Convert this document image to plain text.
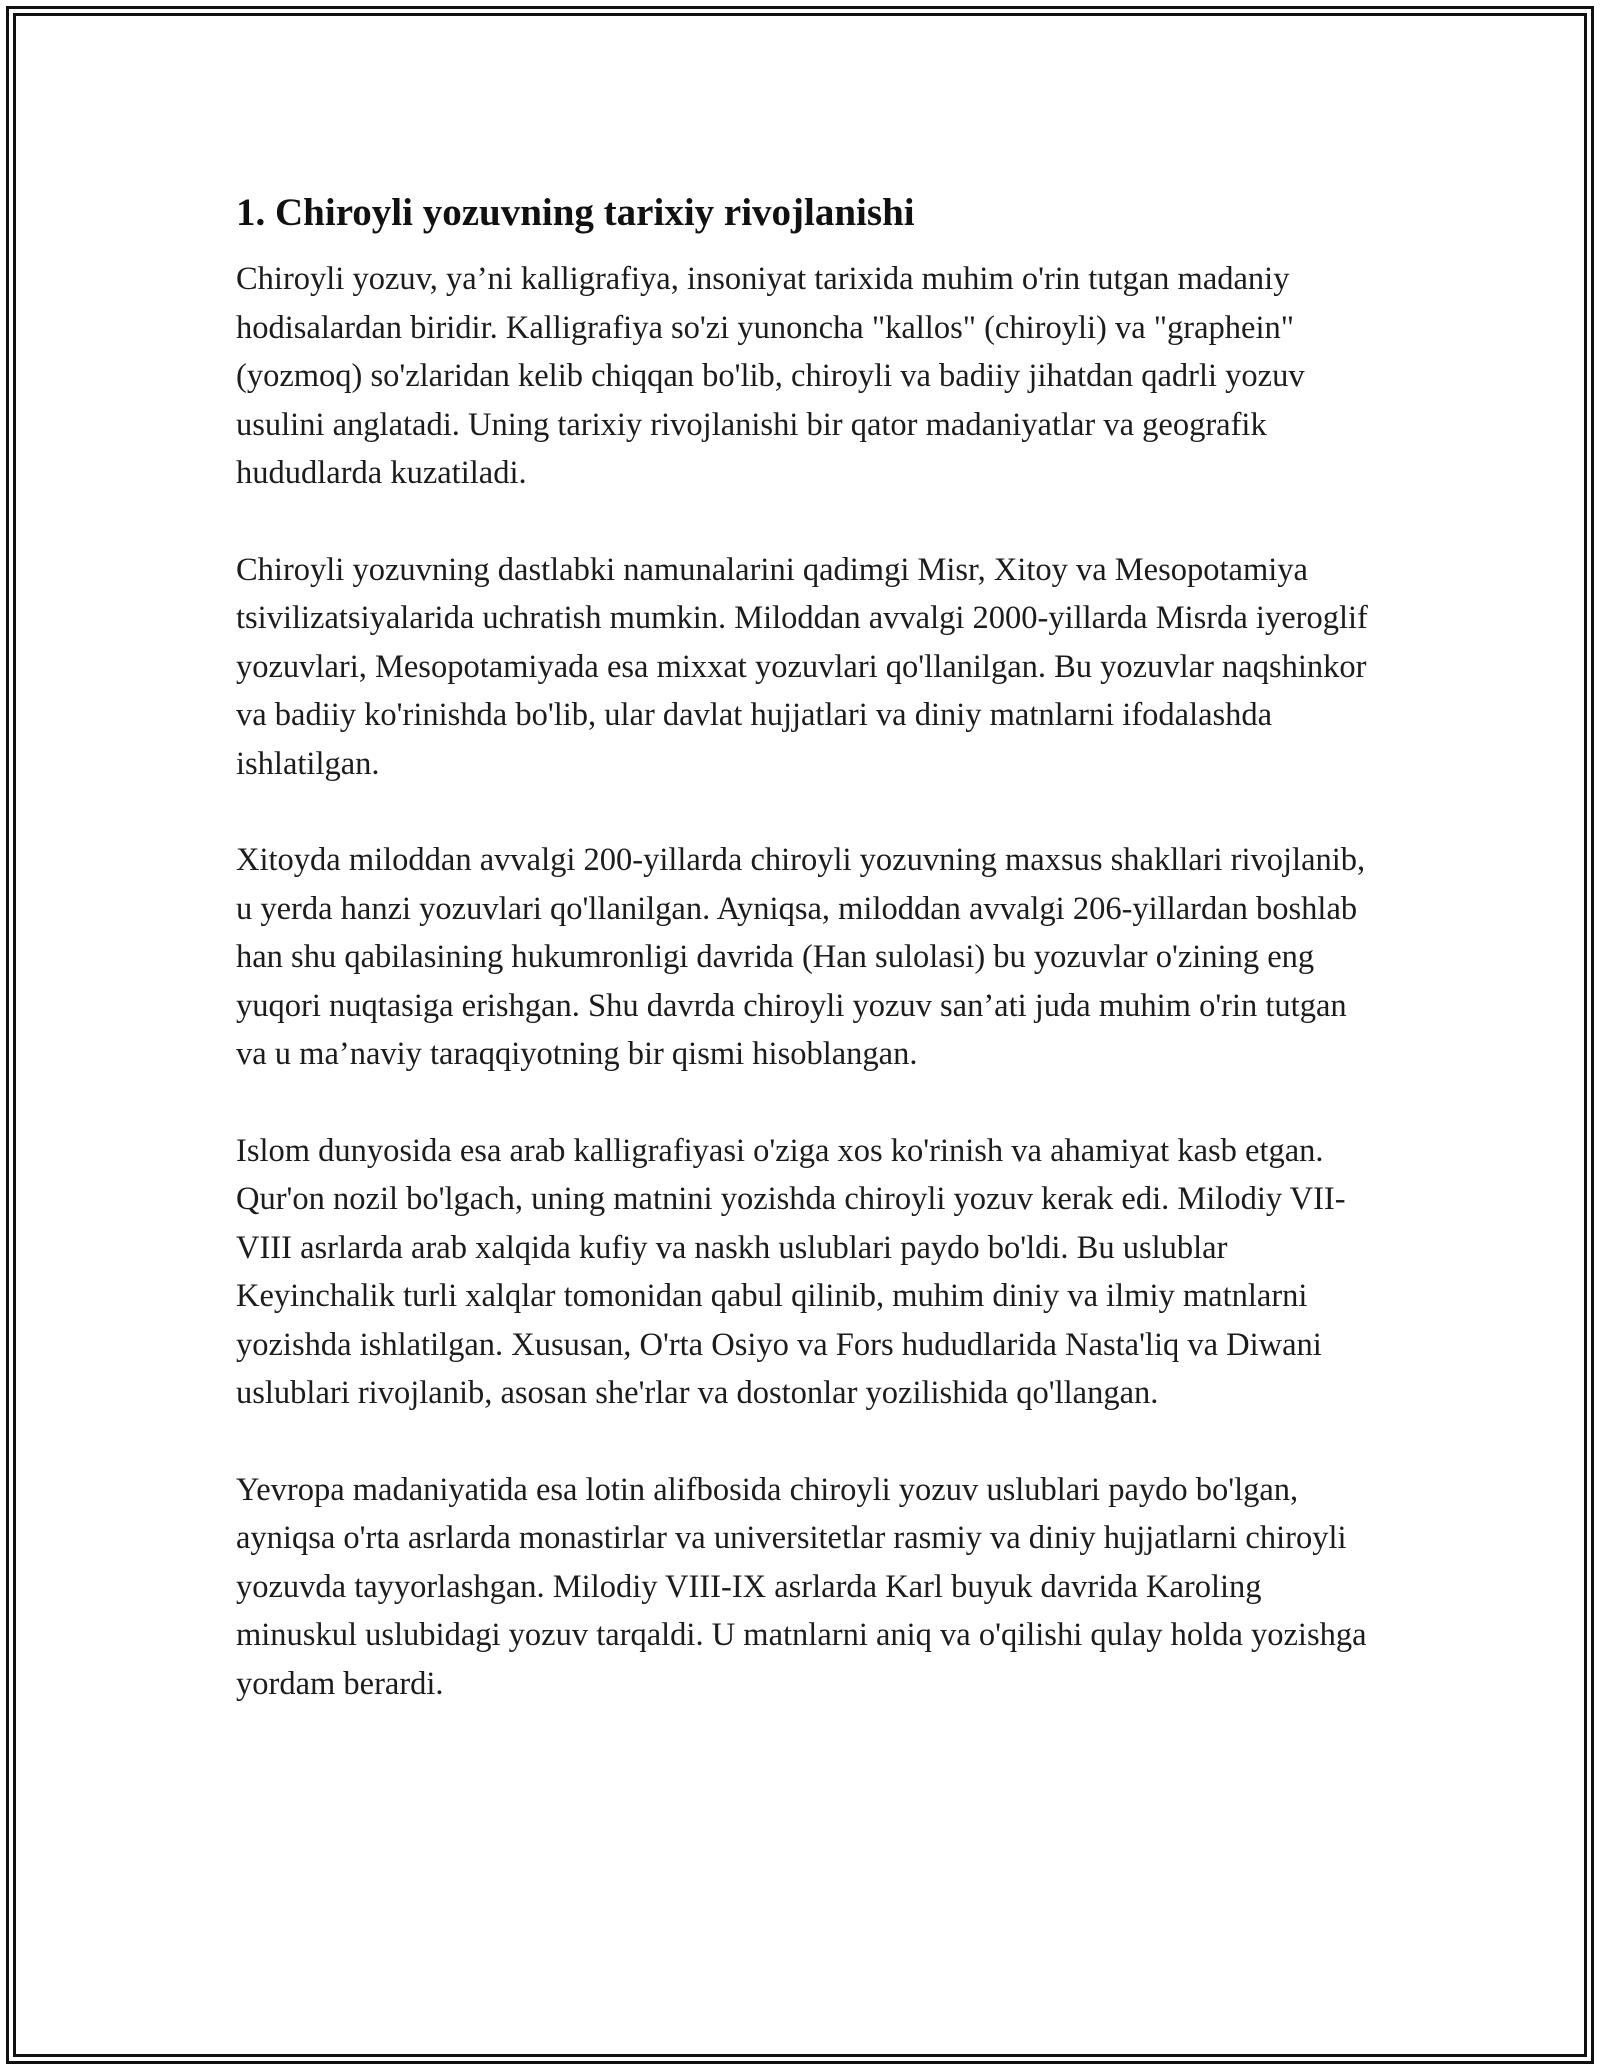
1. Chiroyli yozuvning tarixiy rivojlanishi

Chiroyli yozuv, ya’ni kalligrafiya, insoniyat tarixida muhim o'rin tutgan madaniy hodisalardan biridir. Kalligrafiya so'zi yunoncha "kallos" (chiroyli) va "graphein" (yozmoq) so'zlaridan kelib chiqqan bo'lib, chiroyli va badiiy jihatdan qadrli yozuv usulini anglatadi. Uning tarixiy rivojlanishi bir qator madaniyatlar va geografik hududlarda kuzatiladi.

Chiroyli yozuvning dastlabki namunalarini qadimgi Misr, Xitoy va Mesopotamiya tsivilizatsiyalarida uchratish mumkin. Miloddan avvalgi 2000-yillarda Misrda iyeroglif yozuvlari, Mesopotamiyada esa mixxat yozuvlari qo'llanilgan. Bu yozuvlar naqshinkor va badiiy ko'rinishda bo'lib, ular davlat hujjatlari va diniy matnlarni ifodalashda ishlatilgan.

Xitoyda miloddan avvalgi 200-yillarda chiroyli yozuvning maxsus shakllari rivojlanib, u yerda hanzi yozuvlari qo'llanilgan. Ayniqsa, miloddan avvalgi 206-yillardan boshlab han shu qabilasining hukumronligi davrida (Han sulolasi) bu yozuvlar o'zining eng yuqori nuqtasiga erishgan. Shu davrda chiroyli yozuv san’ati juda muhim o'rin tutgan va u ma’naviy taraqqiyotning bir qismi hisoblangan.

Islom dunyosida esa arab kalligrafiyasi o'ziga xos ko'rinish va ahamiyat kasb etgan. Qur'on nozil bo'lgach, uning matnini yozishda chiroyli yozuv kerak edi. Milodiy VII-VIII asrlarda arab xalqida kufiy va naskh uslublari paydo bo'ldi. Bu uslublar Keyinchalik turli xalqlar tomonidan qabul qilinib, muhim diniy va ilmiy matnlarni yozishda ishlatilgan. Xususan, O'rta Osiyo va Fors hududlarida Nasta'liq va Diwani uslublari rivojlanib, asosan she'rlar va dostonlar yozilishida qo'llangan.

Yevropa madaniyatida esa lotin alifbosida chiroyli yozuv uslublari paydo bo'lgan, ayniqsa o'rta asrlarda monastirlar va universitetlar rasmiy va diniy hujjatlarni chiroyli yozuvda tayyorlashgan. Milodiy VIII-IX asrlarda Karl buyuk davrida Karoling minuskul uslubidagi yozuv tarqaldi. U matnlarni aniq va o'qilishi qulay holda yozishga yordam berardi.
